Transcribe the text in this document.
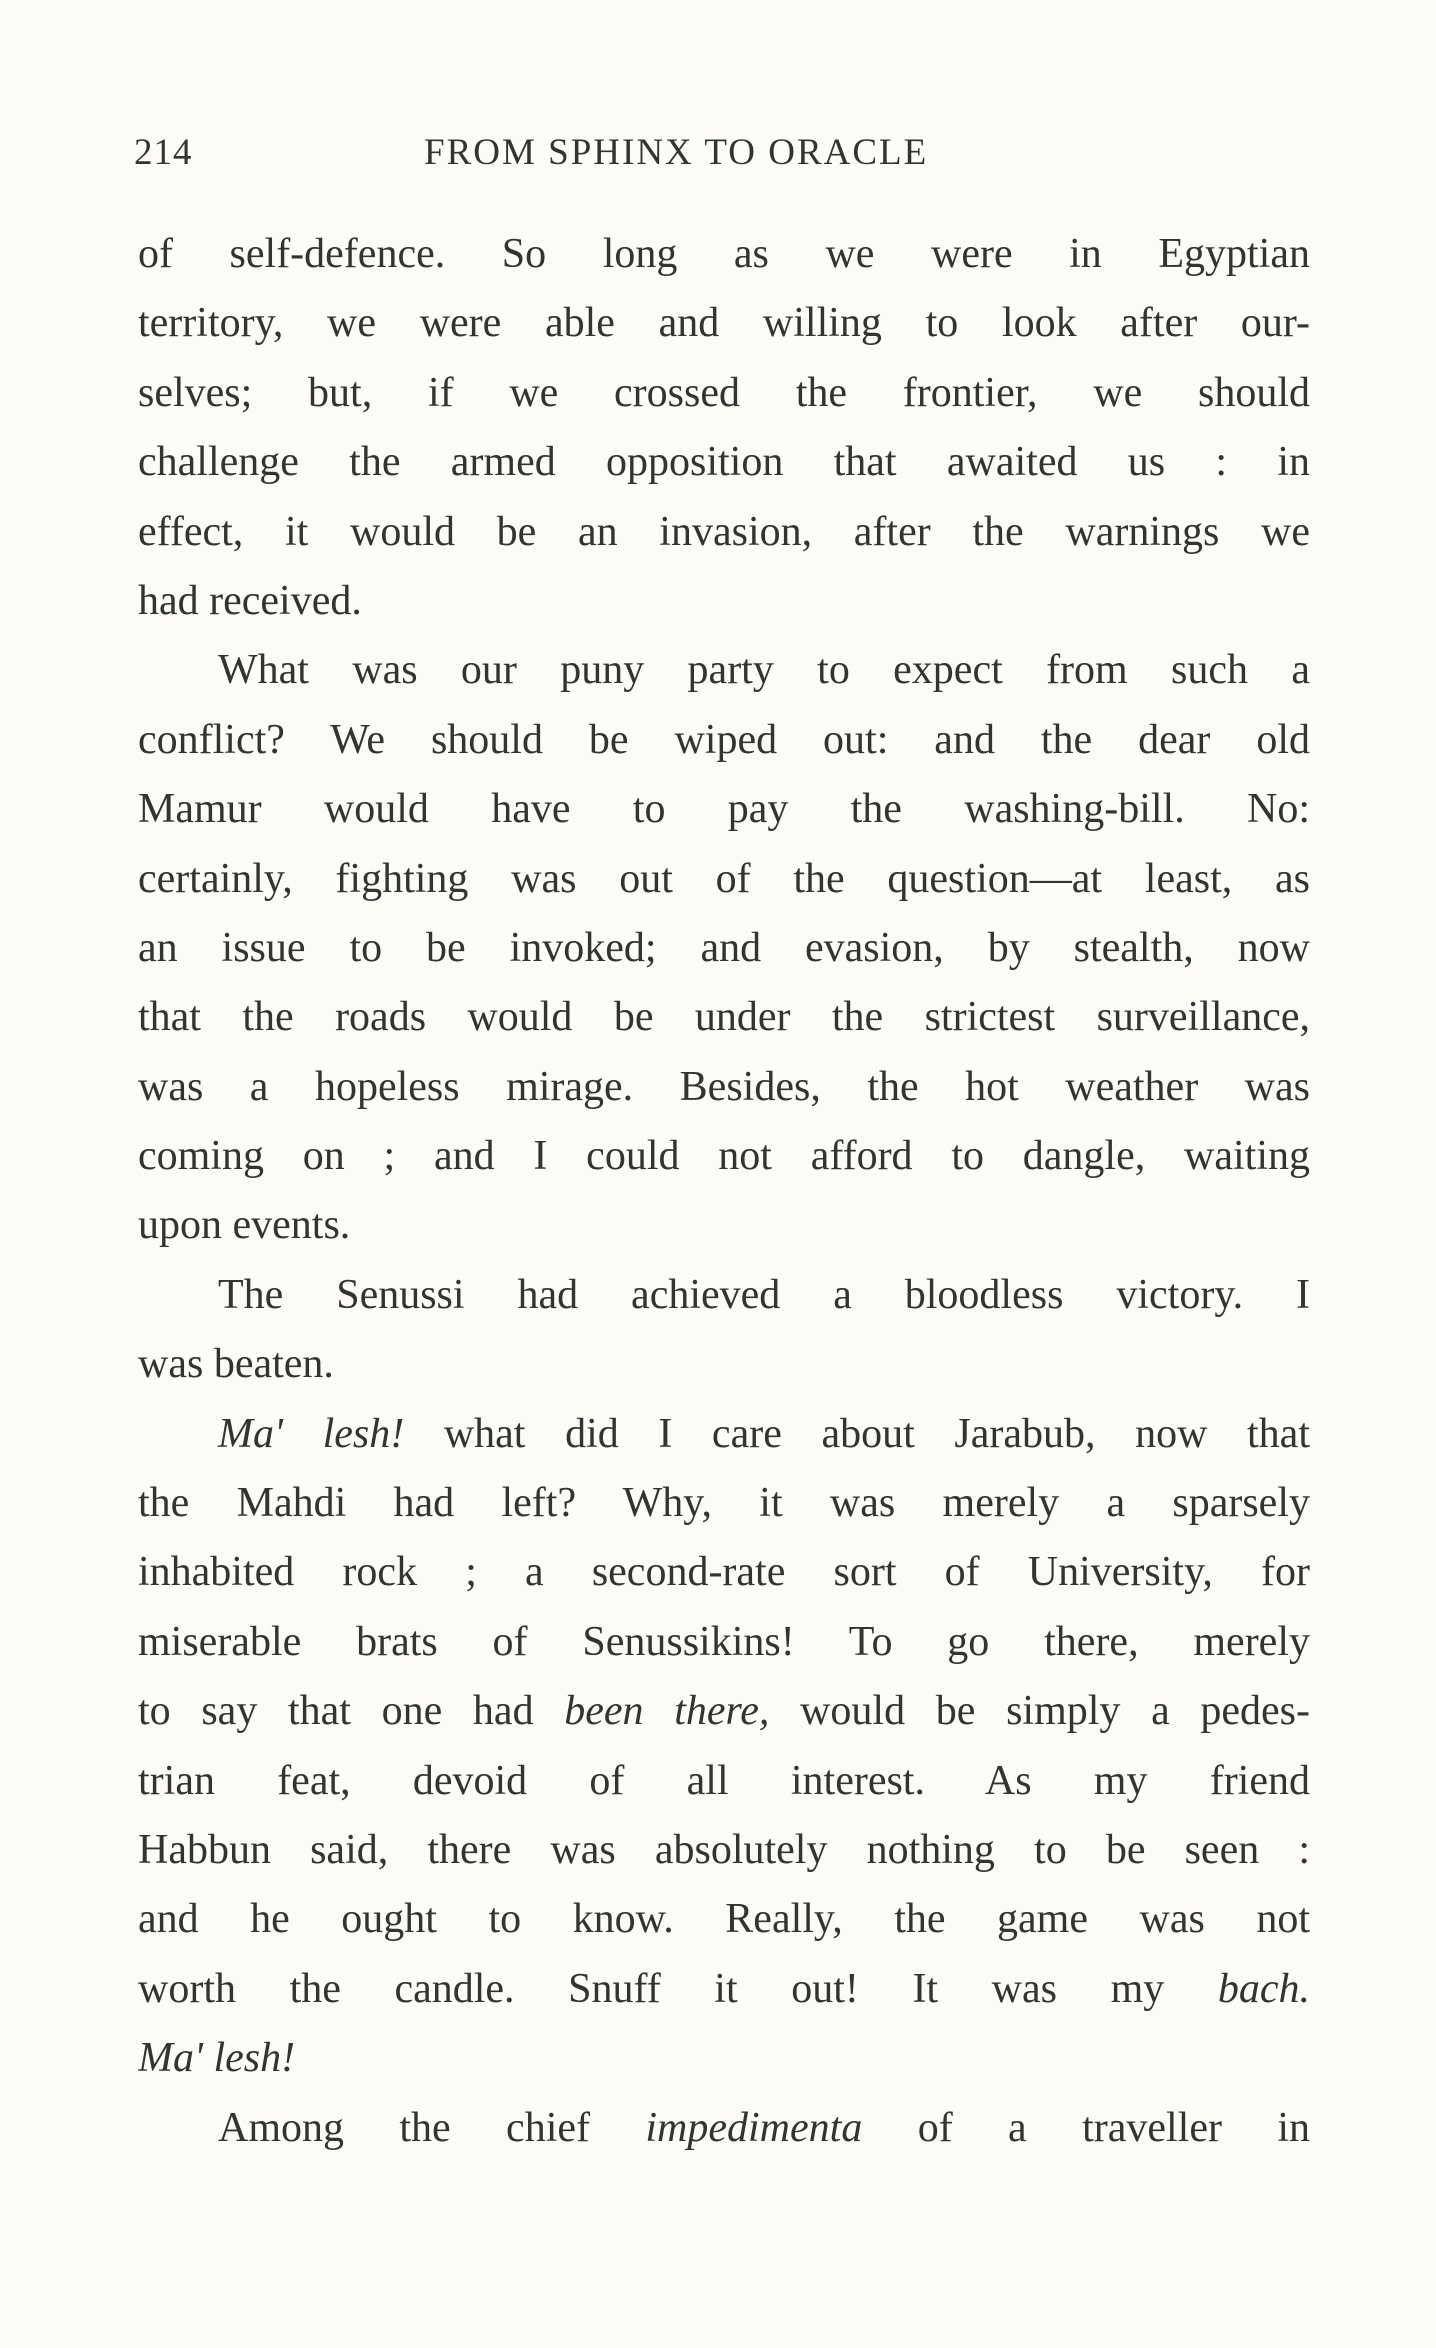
214	FROM SPHINX TO ORACLE
of self-defence. So long as we were in Egyptian
territory, we were able and willing to look after our-
selves; but, if we crossed the frontier, we should
challenge the armed opposition that awaited us : in
effect, it would be an invasion, after the warnings we
had received.
What was our puny party to expect from such a
conflict? We should be wiped out: and the dear old
Mamur would have to pay the washing-bill. No:
certainly, fighting was out of the question—at least, as
an issue to be invoked; and evasion, by stealth, now
that the roads would be under the strictest surveillance,
was a hopeless mirage. Besides, the hot weather was
coming on ; and I could not afford to dangle, waiting
upon events.
The Senussi had achieved a bloodless victory. I
was beaten.
Ma' lesh! what did I care about Jarabub, now that
the Mahdi had left? Why, it was merely a sparsely
inhabited rock ; a second-rate sort of University, for
miserable brats of Senussikins! To go there, merely
to say that one had been there, would be simply a pedes-
trian feat, devoid of all interest. As my friend
Habbun said, there was absolutely nothing to be seen :
and he ought to know. Really, the game was not
worth the candle. Snuff it out! It was my bach.
Ma' lesh!
Among the chief impedimenta of a traveller in
